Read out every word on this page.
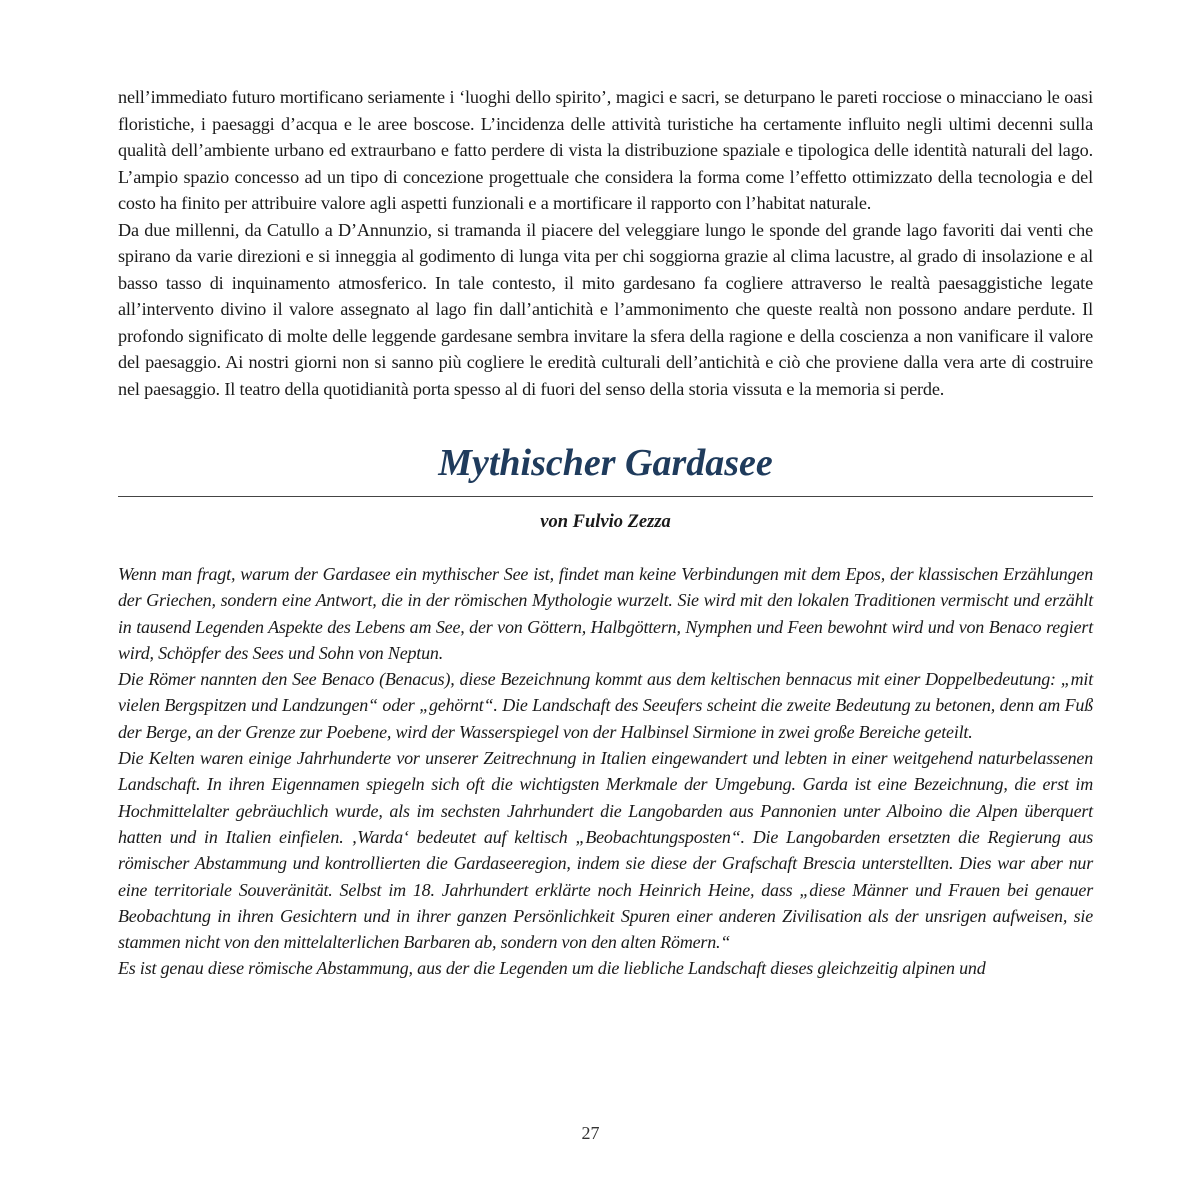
nell’immediato futuro mortificano seriamente i ‘luoghi dello spirito’, magici e sacri, se deturpano le pareti rocciose o minacciano le oasi floristiche, i paesaggi d’acqua e le aree boscose. L’incidenza delle attività turistiche ha certamente influito negli ultimi decenni sulla qualità dell’ambiente urbano ed extraurbano e fatto perdere di vista la distribuzione spaziale e tipologica delle identità naturali del lago. L’ampio spazio concesso ad un tipo di concezione progettuale che considera la forma come l’effetto ottimizzato della tecnologia e del costo ha finito per attribuire valore agli aspetti funzionali e a mortificare il rapporto con l’habitat naturale.

Da due millenni, da Catullo a D’Annunzio, si tramanda il piacere del veleggiare lungo le sponde del grande lago favoriti dai venti che spirano da varie direzioni e si inneggia al godimento di lunga vita per chi soggiorna grazie al clima lacustre, al grado di insolazione e al basso tasso di inquinamento atmosferico. In tale contesto, il mito gardesano fa cogliere attraverso le realtà paesaggistiche legate all’intervento divino il valore assegnato al lago fin dall’antichità e l’ammonimento che queste realtà non possono andare perdute. Il profondo significato di molte delle leggende gardesane sembra invitare la sfera della ragione e della coscienza a non vanificare il valore del paesaggio. Ai nostri giorni non si sanno più cogliere le eredità culturali dell’antichità e ciò che proviene dalla vera arte di costruire nel paesaggio. Il teatro della quotidianità porta spesso al di fuori del senso della storia vissuta e la memoria si perde.

Mythischer Gardasee
von Fulvio Zezza

Wenn man fragt, warum der Gardasee ein mythischer See ist, findet man keine Verbindungen mit dem Epos, der klassischen Erzählungen der Griechen, sondern eine Antwort, die in der römischen Mythologie wurzelt. Sie wird mit den lokalen Traditionen vermischt und erzählt in tausend Legenden Aspekte des Lebens am See, der von Göttern, Halbgöttern, Nymphen und Feen bewohnt wird und von Benaco regiert wird, Schöpfer des Sees und Sohn von Neptun.

Die Römer nannten den See Benaco (Benacus), diese Bezeichnung kommt aus dem keltischen bennacus mit einer Doppelbedeutung: „mit vielen Bergspitzen und Landzungen“ oder „gehörnt“. Die Landschaft des Seeufers scheint die zweite Bedeutung zu betonen, denn am Fuß der Berge, an der Grenze zur Poebene, wird der Wasserspiegel von der Halbinsel Sirmione in zwei große Bereiche geteilt.

Die Kelten waren einige Jahrhunderte vor unserer Zeitrechnung in Italien eingewandert und lebten in einer weitgehend naturbelassenen Landschaft. In ihren Eigennamen spiegeln sich oft die wichtigsten Merkmale der Umgebung. Garda ist eine Bezeichnung, die erst im Hochmittelalter gebräuchlich wurde, als im sechsten Jahrhundert die Langobarden aus Pannonien unter Alboino die Alpen überquert hatten und in Italien einfielen. ‚Warda‘ bedeutet auf keltisch „Beobachtungsposten“. Die Langobarden ersetzten die Regierung aus römischer Abstammung und kontrollierten die Gardaseeregion, indem sie diese der Grafschaft Brescia unterstellten. Dies war aber nur eine territoriale Souveränität. Selbst im 18. Jahrhundert erklärte noch Heinrich Heine, dass „diese Männer und Frauen bei genauer Beobachtung in ihren Gesichtern und in ihrer ganzen Persönlichkeit Spuren einer anderen Zivilisation als der unsrigen aufweisen, sie stammen nicht von den mittelalterlichen Barbaren ab, sondern von den alten Römern.“

Es ist genau diese römische Abstammung, aus der die Legenden um die liebliche Landschaft dieses gleichzeitig alpinen und

27
